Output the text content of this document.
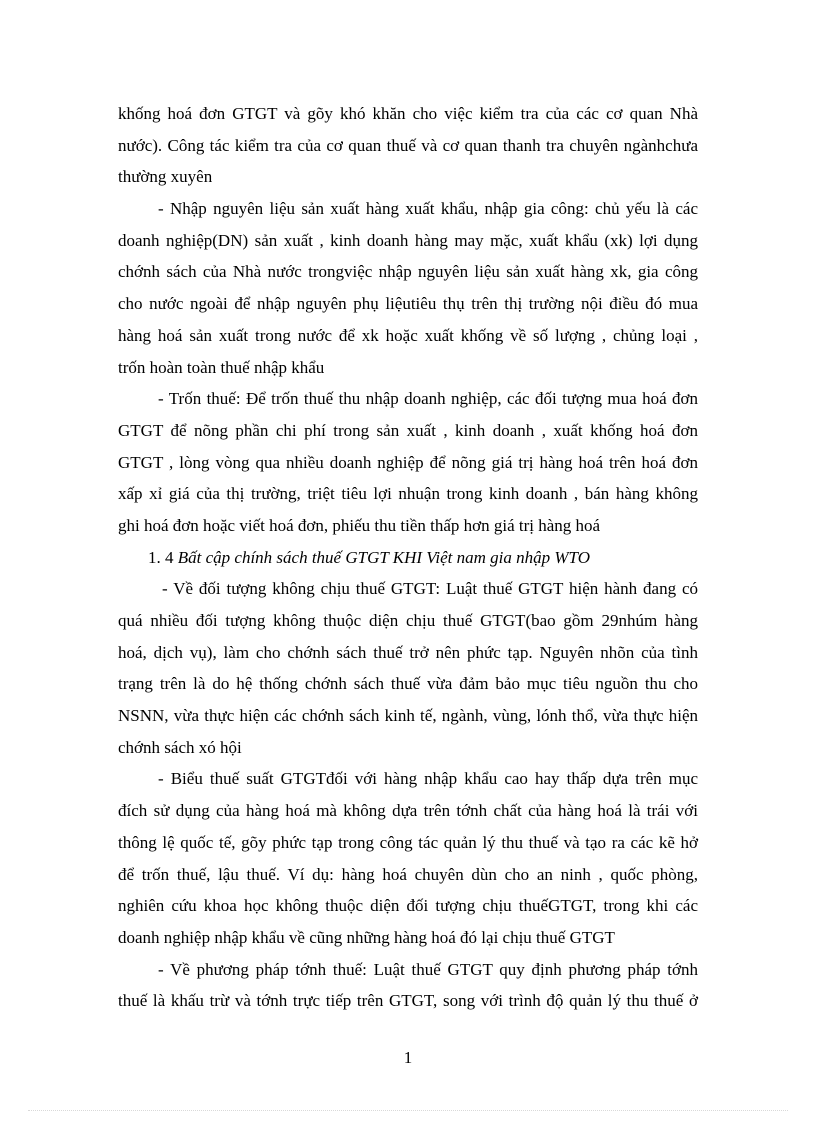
khống hoá đơn GTGT và gõy khó khăn cho việc kiểm tra của các cơ quan Nhà
nước). Công tác kiểm tra của cơ quan thuế và cơ quan thanh tra chuyên ngànhchưa
thường xuyên
- Nhập nguyên liệu sản xuất hàng xuất khẩu, nhập gia công: chủ yếu là các
doanh nghiệp(DN) sản xuất , kinh doanh hàng may mặc, xuất khẩu (xk) lợi dụng
chớnh sách của Nhà nước trongviệc nhập nguyên liệu sản xuất hàng xk, gia công
cho nước ngoài để nhập nguyên phụ liệutiêu thụ trên thị trường nội điều đó mua
hàng hoá sản xuất trong nước để xk hoặc xuất khống về số lượng , chủng loại ,
trốn hoàn toàn thuế nhập khẩu
- Trốn thuế: Để trốn thuế thu nhập doanh nghiệp, các đối tượng mua hoá đơn
GTGT để nõng phần chi phí trong sản xuất , kinh doanh , xuất khống hoá đơn
GTGT , lòng vòng qua nhiều doanh nghiệp để nõng giá trị hàng hoá trên hoá đơn
xấp xỉ giá của thị trường, triệt tiêu lợi nhuận trong kinh doanh , bán hàng không
ghi hoá đơn hoặc viết hoá đơn, phiếu thu tiền thấp hơn giá trị hàng hoá
1. 4 Bất cập chính sách thuế GTGT KHI Việt nam gia nhập WTO
- Về đối tượng không chịu thuế GTGT: Luật thuế GTGT hiện hành đang có
quá nhiều đối tượng không thuộc diện chịu thuế GTGT(bao gồm 29nhúm hàng
hoá, dịch vụ), làm cho chớnh sách thuế trở nên phức tạp. Nguyên nhõn của tình
trạng trên là do hệ thống chớnh sách thuế vừa đảm bảo mục tiêu nguồn thu cho
NSNN, vừa thực hiện các chớnh sách kinh tế, ngành, vùng, lónh thổ, vừa thực hiện
chớnh sách xó hội
- Biểu thuế suất GTGTđối với hàng nhập khẩu cao hay thấp dựa trên mục
đích sử dụng của hàng hoá mà không dựa trên tớnh chất của hàng hoá là trái với
thông lệ quốc tế, gõy phức tạp trong công tác quản lý thu thuế và tạo ra các kẽ hở
để trốn thuế, lậu thuế. Ví dụ: hàng hoá chuyên dùn cho an ninh , quốc phòng,
nghiên cứu khoa học không thuộc diện đối tượng chịu thuếGTGT, trong khi các
doanh nghiệp nhập khẩu về cũng những hàng hoá đó lại chịu thuế GTGT
- Về phương pháp tớnh thuế: Luật thuế GTGT quy định phương pháp tớnh
thuế là khấu trừ và tớnh trực tiếp trên GTGT, song với trình độ quản lý thu thuế ở
1
